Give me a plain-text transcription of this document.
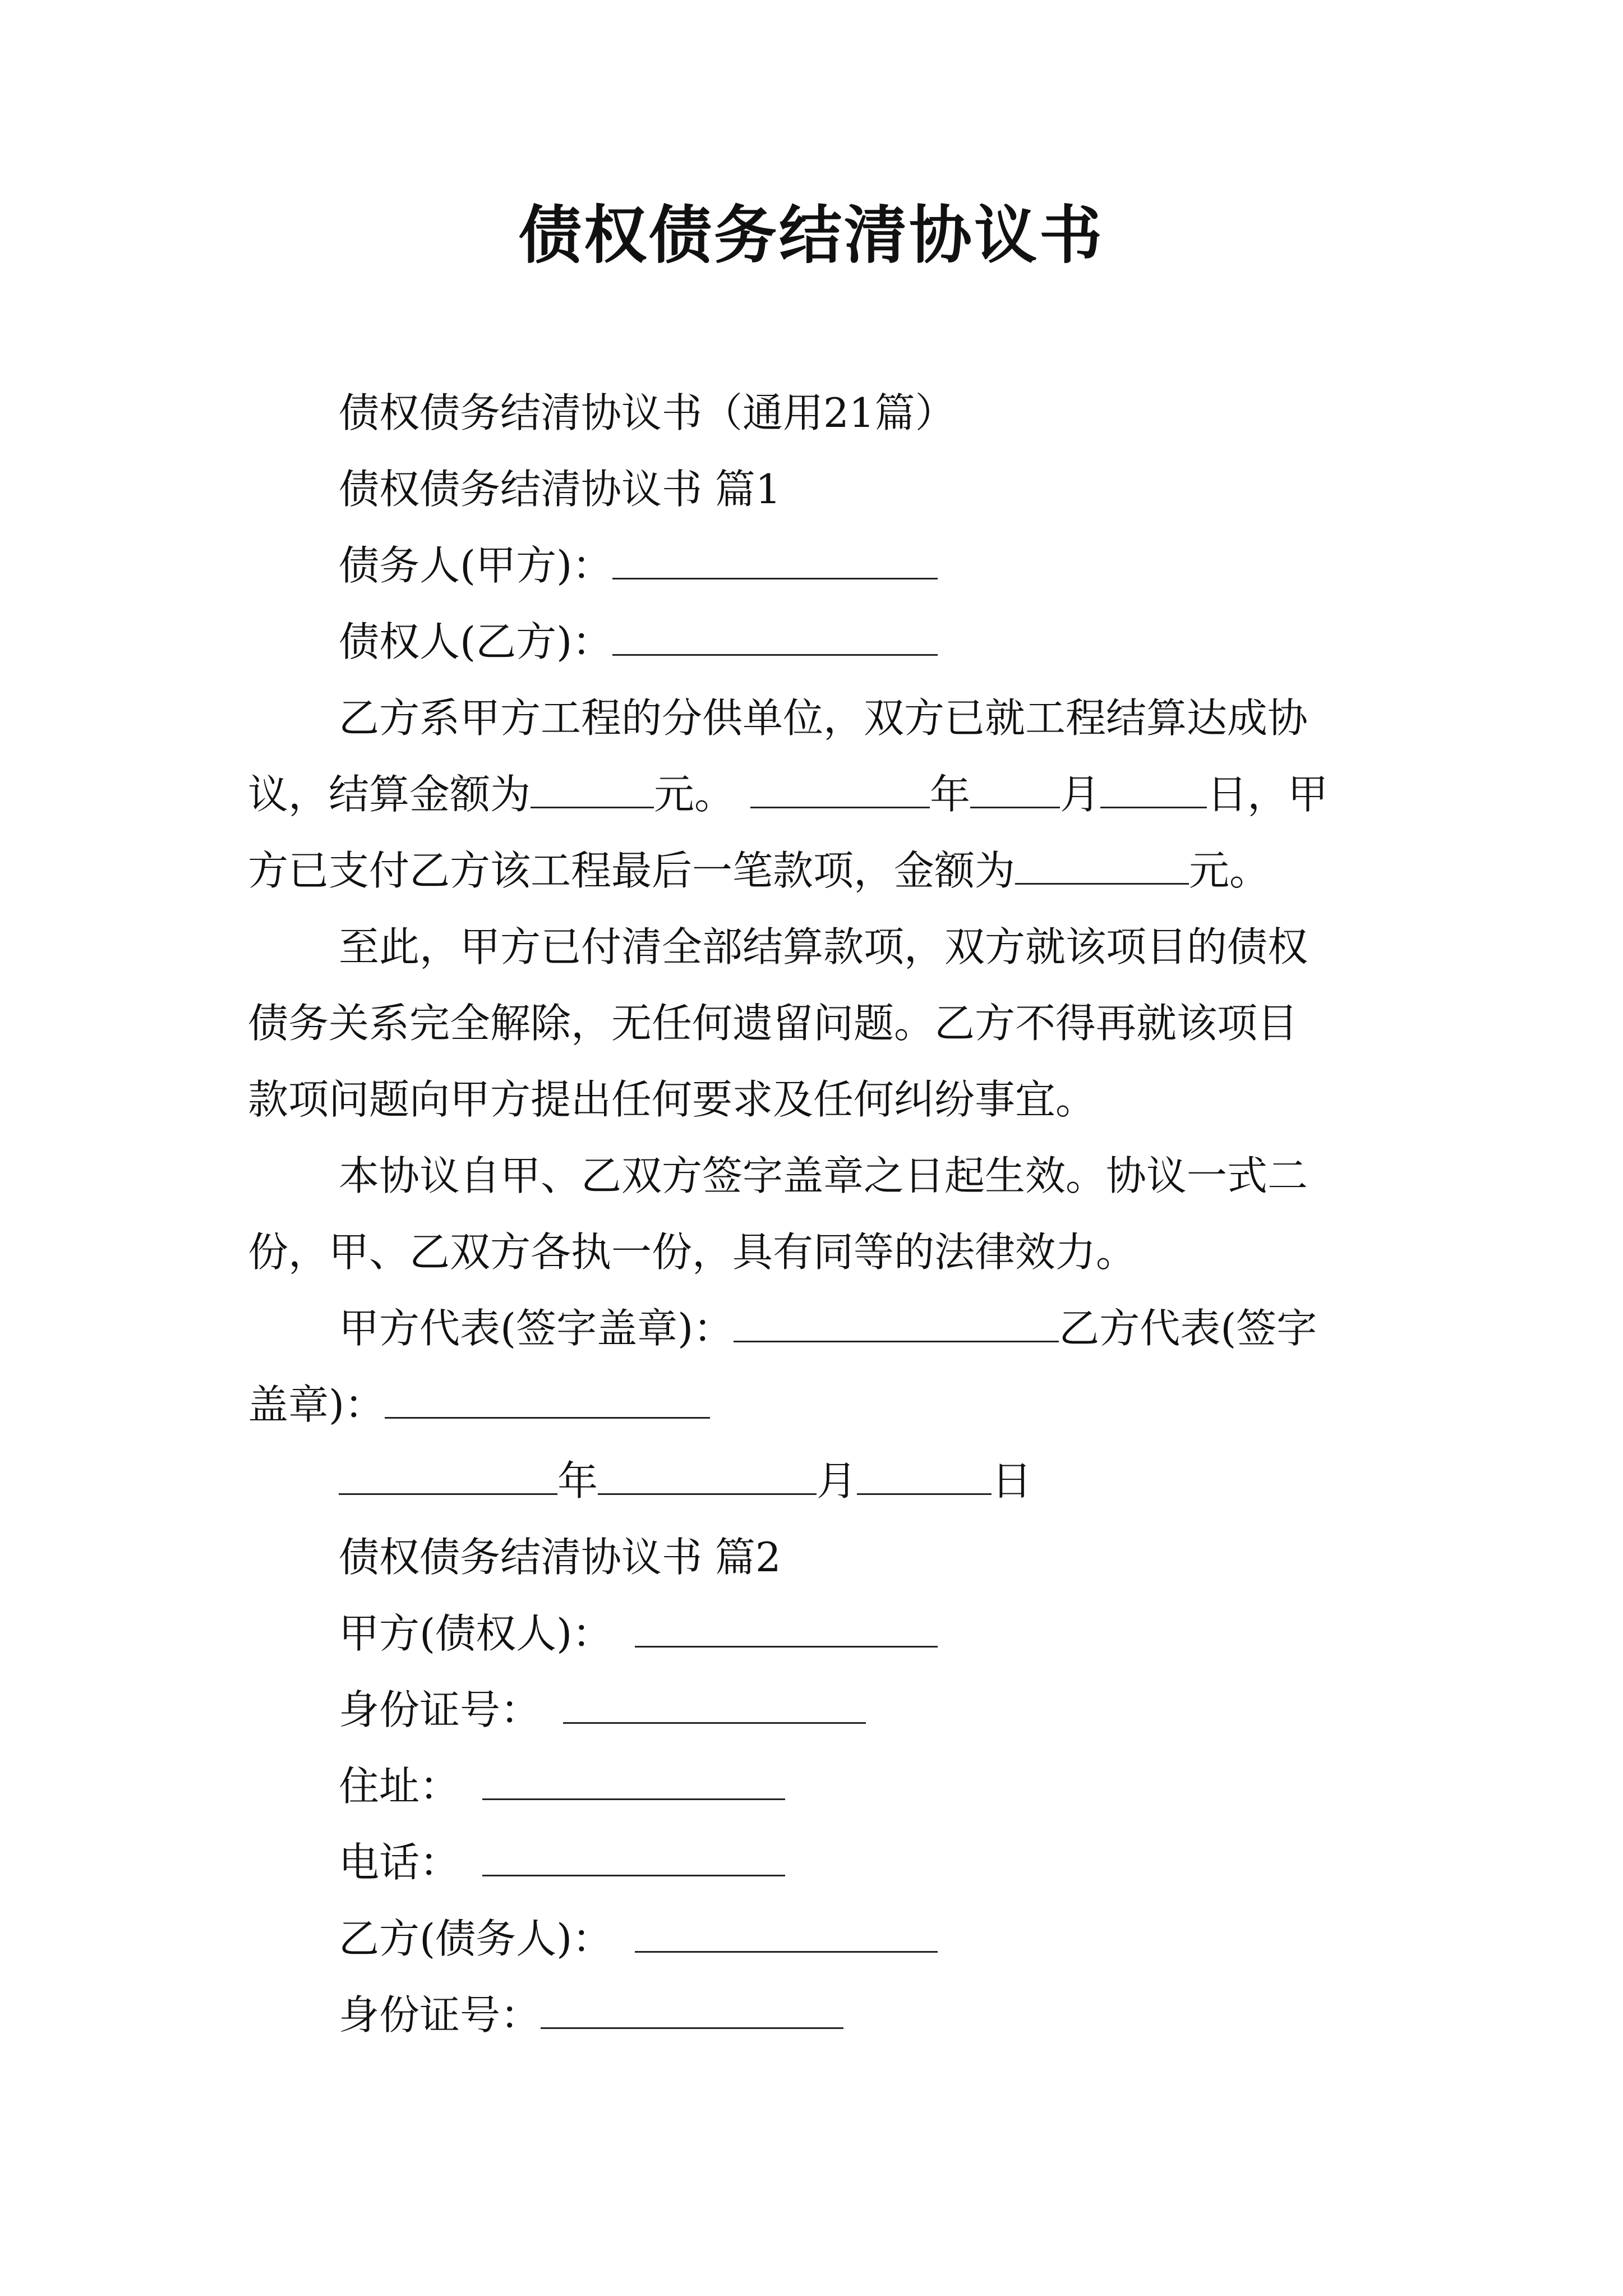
债权债务结清协议书
债权债务结清协议书（通用21篇）
债权债务结清协议书 篇1
债务人(甲方)：
债权人(乙方)：
乙方系甲方工程的分供单位，双方已就工程结算达成协
议，结算金额为	元。	年 月	日，甲
方已支付乙方该工程最后一笔款项，金额为	元。
至此，甲方已付清全部结算款项，双方就该项目的债权
债务关系完全解除，无任何遗留问题。乙方不得再就该项目
款项问题向甲方提出任何要求及任何纠纷事宜。
本协议自甲、乙双方签字盖章之日起生效。协议一式二
份，甲、乙双方各执一份，具有同等的法律效力。
甲方代表(签字盖章)：	乙方代表(签字
盖章)：
年	月	日
债权债务结清协议书 篇2
甲方(债权人)：
身份证号：
住址：
电话：
乙方(债务人)：
身份证号：
